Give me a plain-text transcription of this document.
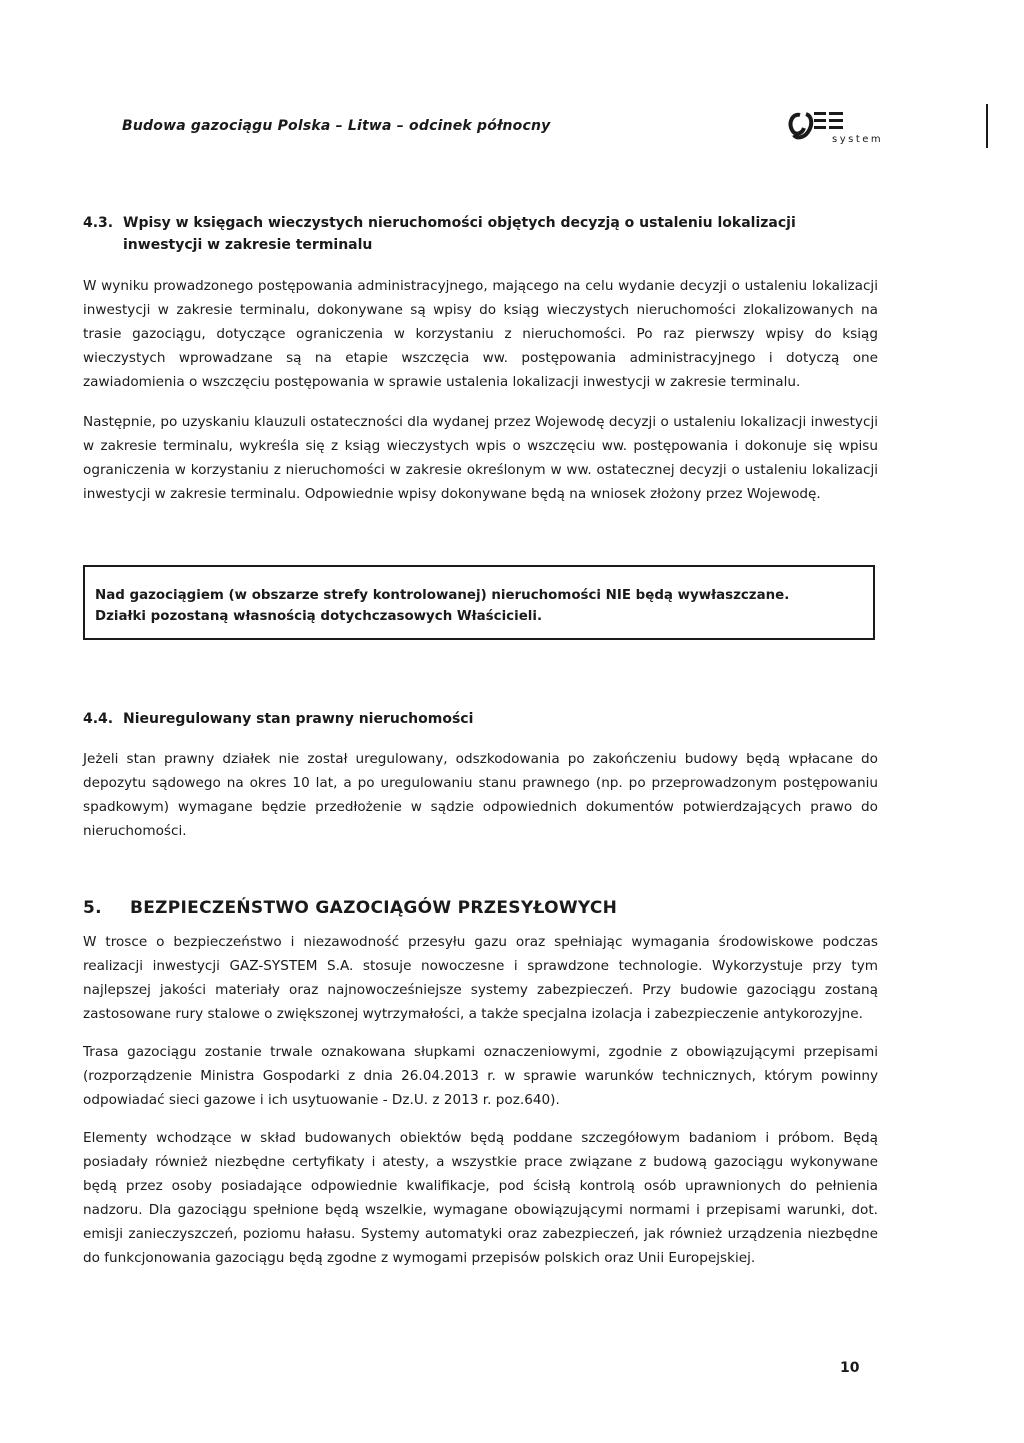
Budowa gazociągu Polska – Litwa – odcinek północny
system
4.3. Wpisy w księgach wieczystych nieruchomości objętych decyzją o ustaleniu lokalizacji inwestycji w zakresie terminalu

W wyniku prowadzonego postępowania administracyjnego, mającego na celu wydanie decyzji o ustaleniu lokalizacji inwestycji w zakresie terminalu, dokonywane są wpisy do ksiąg wieczystych nieruchomości zlokalizowanych na trasie gazociągu, dotyczące ograniczenia w korzystaniu z nieruchomości. Po raz pierwszy wpisy do ksiąg wieczystych wprowadzane są na etapie wszczęcia ww. postępowania administracyjnego i dotyczą one zawiadomienia o wszczęciu postępowania w sprawie ustalenia lokalizacji inwestycji w zakresie terminalu.

Następnie, po uzyskaniu klauzuli ostateczności dla wydanej przez Wojewodę decyzji o ustaleniu lokalizacji inwestycji w zakresie terminalu, wykreśla się z ksiąg wieczystych wpis o wszczęciu ww. postępowania i dokonuje się wpisu ograniczenia w korzystaniu z nieruchomości w zakresie określonym w ww. ostatecznej decyzji o ustaleniu lokalizacji inwestycji w zakresie terminalu. Odpowiednie wpisy dokonywane będą na wniosek złożony przez Wojewodę.

Nad gazociągiem (w obszarze strefy kontrolowanej) nieruchomości NIE będą wywłaszczane.

Działki pozostaną własnością dotychczasowych Właścicieli.

4.4. Nieuregulowany stan prawny nieruchomości

Jeżeli stan prawny działek nie został uregulowany, odszkodowania po zakończeniu budowy będą wpłacane do depozytu sądowego na okres 10 lat, a po uregulowaniu stanu prawnego (np. po przeprowadzonym postępowaniu spadkowym) wymagane będzie przedłożenie w sądzie odpowiednich dokumentów potwierdzających prawo do nieruchomości.

5.	BEZPIECZEŃSTWO GAZOCIĄGÓW PRZESYŁOWYCH

W trosce o bezpieczeństwo i niezawodność przesyłu gazu oraz spełniając wymagania środowiskowe podczas realizacji inwestycji GAZ-SYSTEM S.A. stosuje nowoczesne i sprawdzone technologie. Wykorzystuje przy tym najlepszej jakości materiały oraz najnowocześniejsze systemy zabezpieczeń. Przy budowie gazociągu zostaną zastosowane rury stalowe o zwiększonej wytrzymałości, a także specjalna izolacja i zabezpieczenie antykorozyjne.

Trasa gazociągu zostanie trwale oznakowana słupkami oznaczeniowymi, zgodnie z obowiązującymi przepisami (rozporządzenie Ministra Gospodarki z dnia 26.04.2013 r. w sprawie warunków technicznych, którym powinny odpowiadać sieci gazowe i ich usytuowanie - Dz.U. z 2013 r. poz.640).

Elementy wchodzące w skład budowanych obiektów będą poddane szczegółowym badaniom i próbom. Będą posiadały również niezbędne certyfikaty i atesty, a wszystkie prace związane z budową gazociągu wykonywane będą przez osoby posiadające odpowiednie kwalifikacje, pod ścisłą kontrolą osób uprawnionych do pełnienia nadzoru. Dla gazociągu spełnione będą wszelkie, wymagane obowiązującymi normami i przepisami warunki, dot. emisji zanieczyszczeń, poziomu hałasu. Systemy automatyki oraz zabezpieczeń, jak również urządzenia niezbędne do funkcjonowania gazociągu będą zgodne z wymogami przepisów polskich oraz Unii Europejskiej.

10
